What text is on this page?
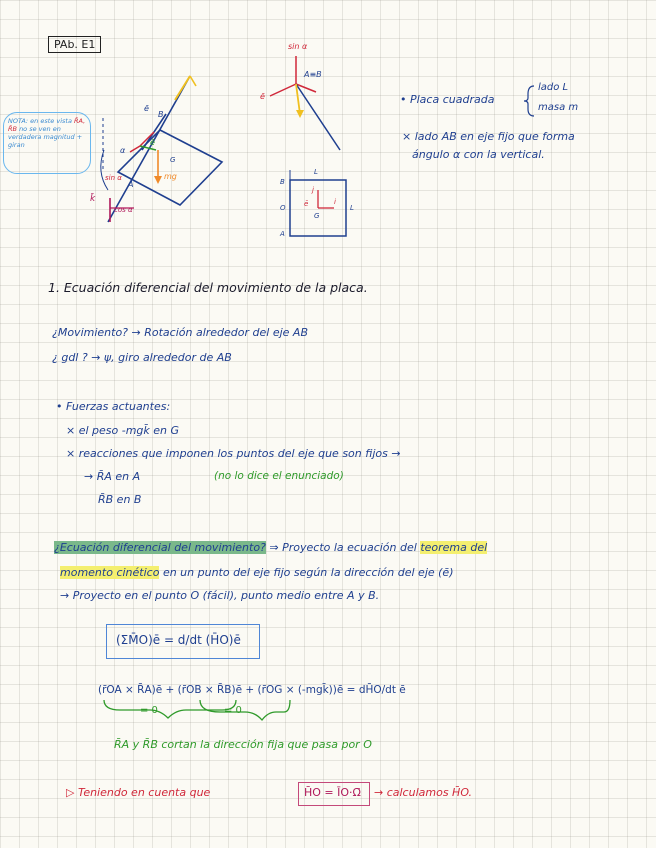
PAb. E1
NOTA: en este vista R̄A, R̄B no se ven en verdadera magnitud + giran
sin α
A≡B
ē
sin α
cos α
k̄
ē
B
A
α
ē
G
mg
B
O
A
L
L
ē	i
j
G
• Placa cuadrada
lado L
masa m
× lado AB en eje fijo que forma
ángulo α con la vertical.
1. Ecuación diferencial del movimiento de la placa.
¿Movimiento? → Rotación alrededor del eje AB
¿ gdl ? → ψ, giro alrededor de AB
• Fuerzas actuantes:
× el peso -mgk̄ en G
× reacciones que imponen los puntos del eje que son fijos →
→ R̄A en A	(no lo dice el enunciado)
R̄B en B
¿Ecuación diferencial del movimiento? ⇒ Proyecto la ecuación del teorema del
momento cinético en un punto del eje fijo según la dirección del eje (ē)
→ Proyecto en el punto O (fácil), punto medio entre A y B.
(ΣM̄O)ē = d/dt (H̄O)ē
(r̄OA × R̄A)ē + (r̄OB × R̄B)ē + (r̄OG × (-mgk̄))ē = dH̄O/dt ē
= 0	= 0
R̄A y R̄B cortan la dirección fija que pasa por O
▷ Teniendo en cuenta que	H̄O = ĪO·Ω̄ → calculamos H̄O.
